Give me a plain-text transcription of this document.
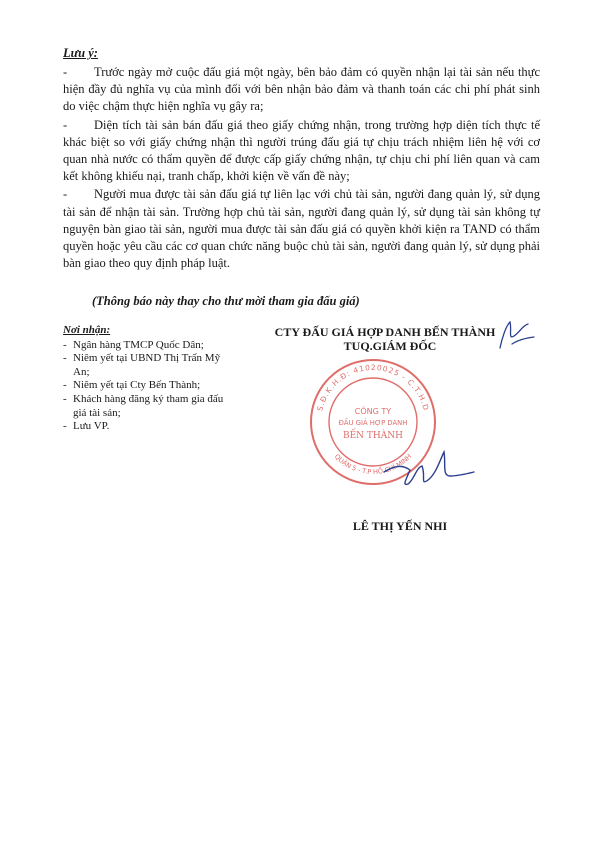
Lưu ý:
- Trước ngày mở cuộc đấu giá một ngày, bên bảo đảm có quyền nhận lại tài sản nếu thực hiện đầy đủ nghĩa vụ của mình đối với bên nhận bảo đảm và thanh toán các chi phí phát sinh do việc chậm thực hiện nghĩa vụ gây ra;
- Diện tích tài sản bán đấu giá theo giấy chứng nhận, trong trường hợp diện tích thực tế khác biệt so với giấy chứng nhận thì người trúng đấu giá tự chịu trách nhiệm liên hệ với cơ quan nhà nước có thẩm quyền để được cấp giấy chứng nhận, tự chịu chi phí liên quan và cam kết không khiếu nại, tranh chấp, khởi kiện về vấn đề này;
- Người mua được tài sản đấu giá tự liên lạc với chủ tài sản, người đang quản lý, sử dụng tài sản để nhận tài sản. Trường hợp chủ tài sản, người đang quản lý, sử dụng tài sản không tự nguyện bàn giao tài sản, người mua được tài sản đấu giá có quyền khởi kiện ra TAND có thẩm quyền hoặc yêu cầu các cơ quan chức năng buộc chủ tài sản, người đang quản lý, sử dụng phải bàn giao theo quy định pháp luật.
(Thông báo này thay cho thư mời tham gia đấu giá)
Nơi nhận:
- Ngân hàng TMCP Quốc Dân;
- Niêm yết tại UBND Thị Trấn Mỹ An;
- Niêm yết tại Cty Bến Thành;
- Khách hàng đăng ký tham gia đấu giá tài sản;
- Lưu VP.
CTY ĐẤU GIÁ HỢP DANH BẾN THÀNH
TUQ.GIÁM ĐỐC
S.Đ.K.H.Đ: 41020025 - C.T.H.D
QUẬN 5 - T.P HỒ CHÍ MINH
CÔNG TY
ĐẤU GIÁ HỢP DANH
BẾN THÀNH
LÊ THỊ YẾN NHI
